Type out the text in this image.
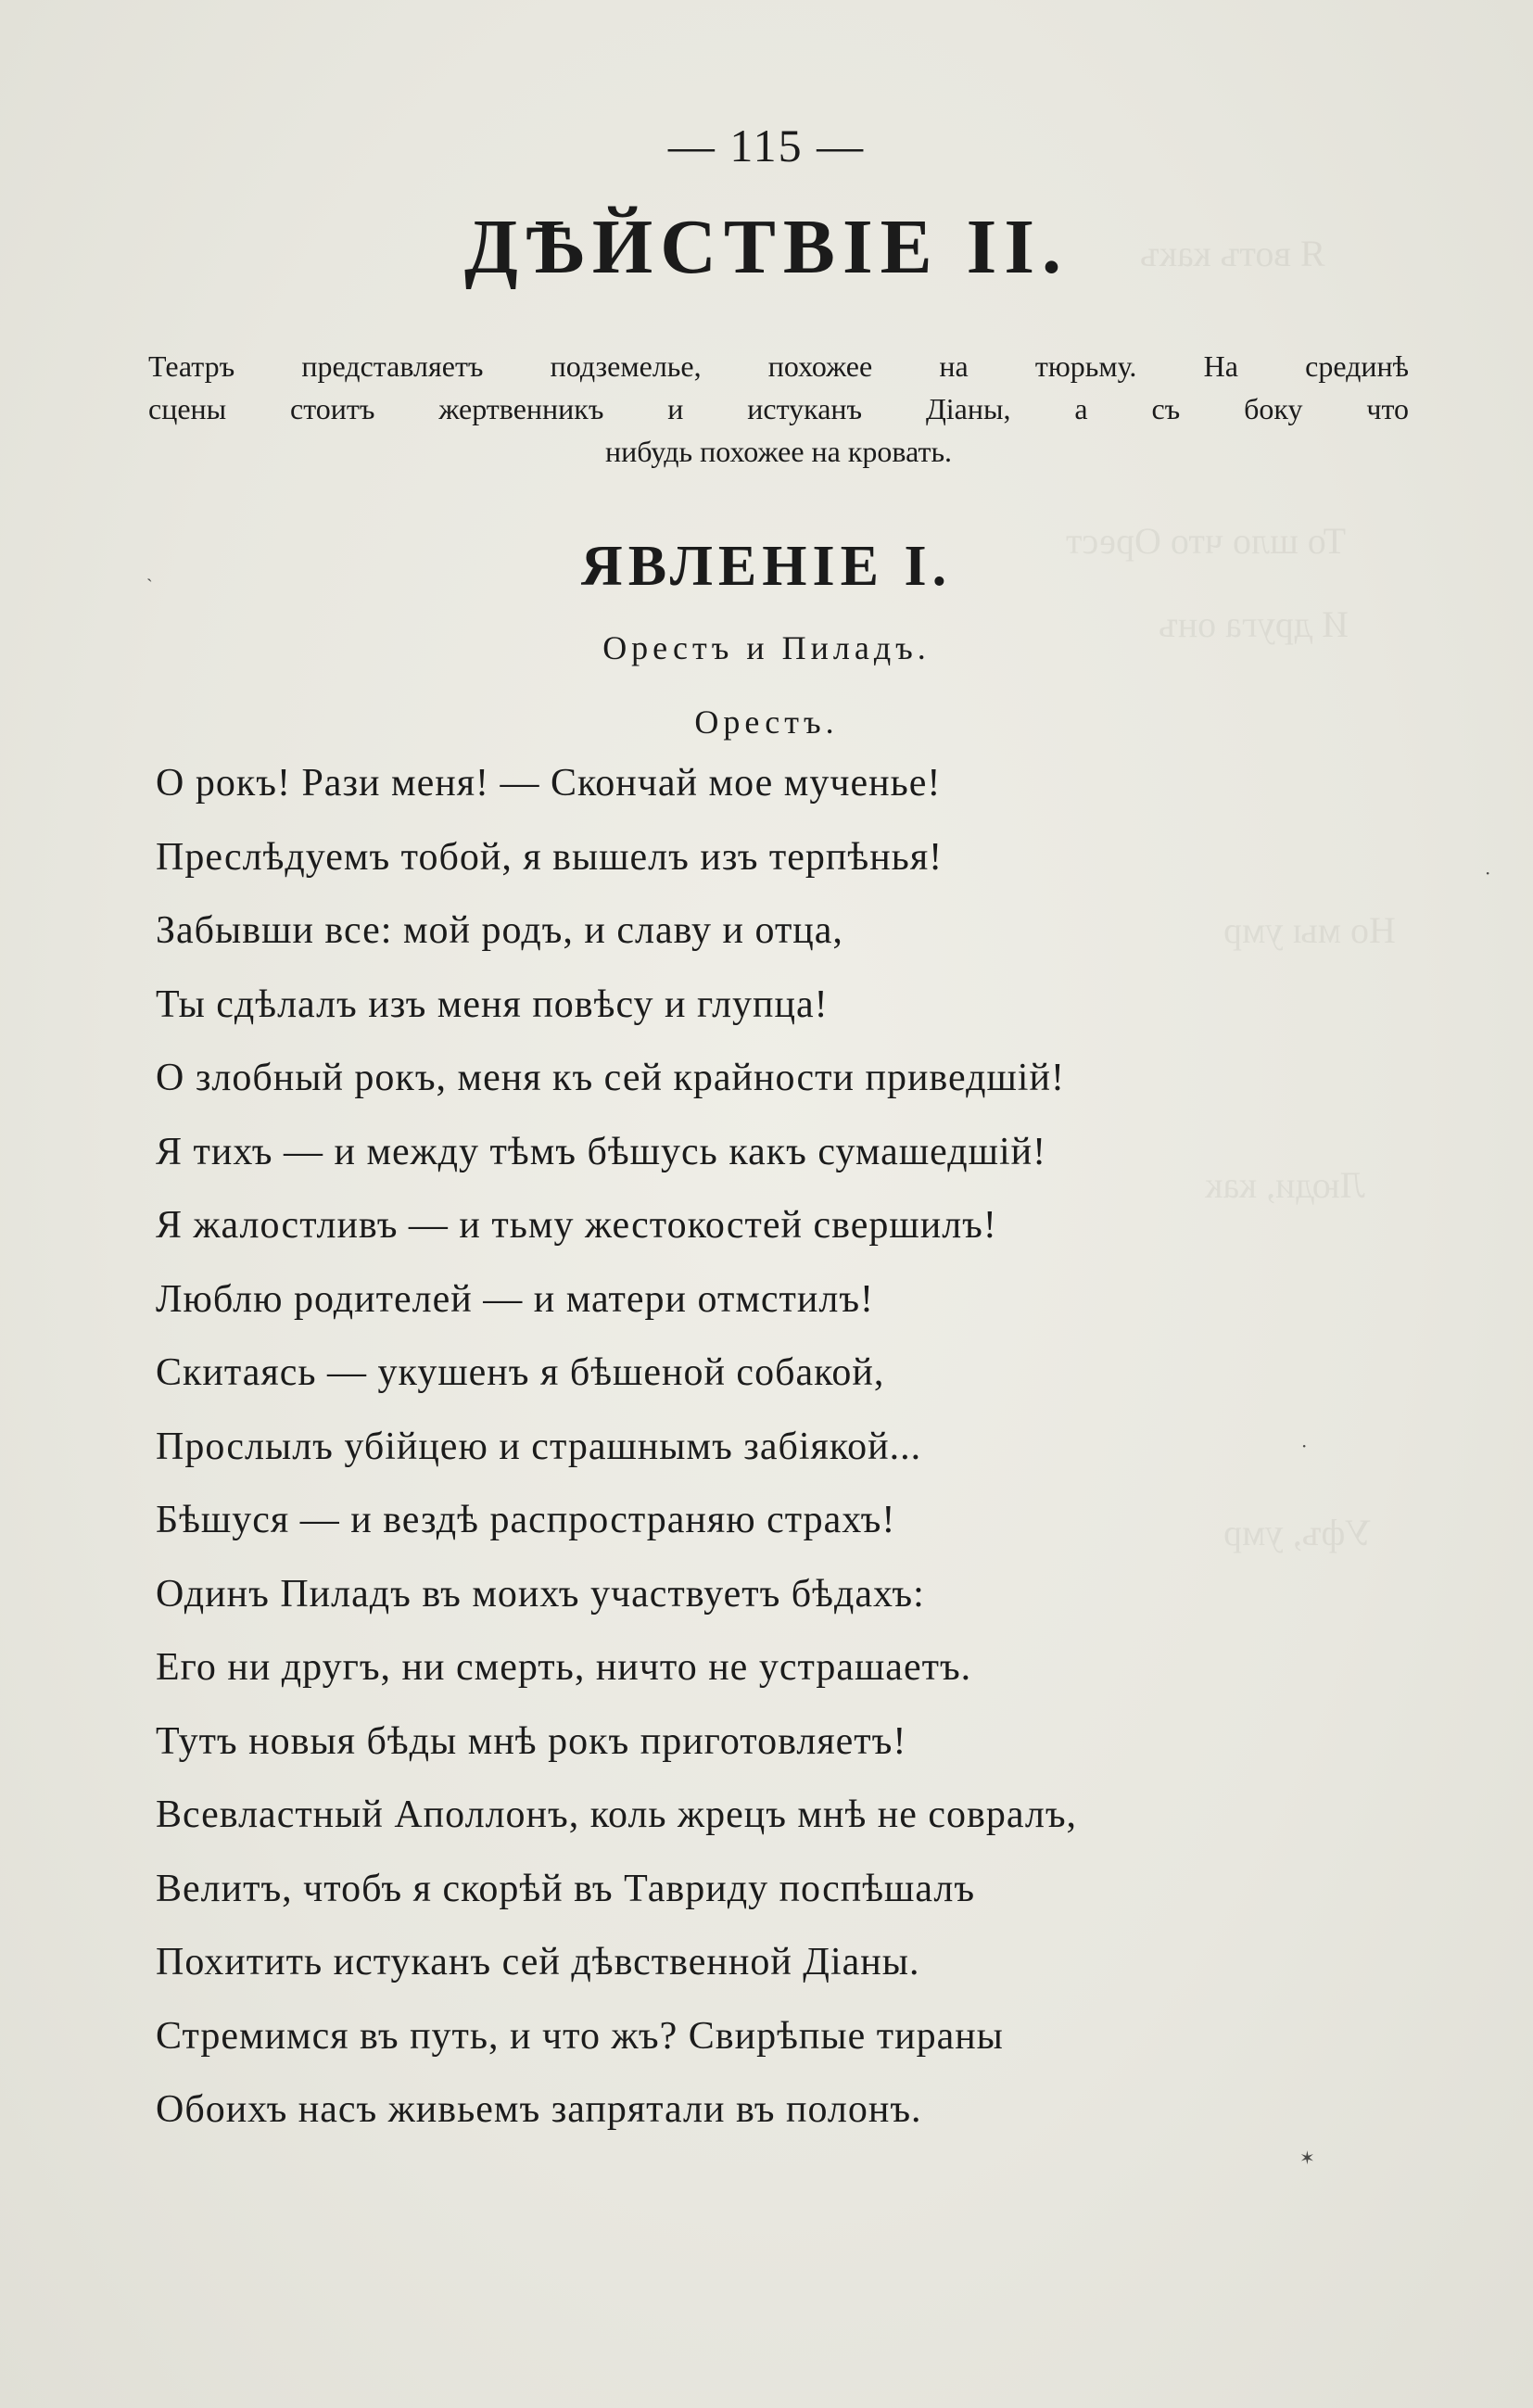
Я вотъ какъ
То шло что Орест
И друга онъ
Но мы умр
Люди, как
Уфъ, умр
— 115 —
ДѢЙСТВІЕ II.
Театръ представляетъ подземелье, похожее на тюрьму. На срединѣ
сцены стоитъ жертвенникъ и истуканъ Діаны, а съ боку что
нибудь похожее на кровать.
ЯВЛЕНІЕ I.
Орестъ и Пиладъ.
Орестъ.
О рокъ! Рази меня! — Скончай мое мученье!
Преслѣдуемъ тобой, я вышелъ изъ терпѣнья!
Забывши все: мой родъ, и славу и отца,
Ты сдѣлалъ изъ меня повѣсу и глупца!
О злобный рокъ, меня къ сей крайности приведшій!
Я тихъ — и между тѣмъ бѣшусь какъ сумашедшій!
Я жалостливъ — и тьму жестокостей свершилъ!
Люблю родителей — и матери отмстилъ!
Скитаясь — укушенъ я бѣшеной собакой,
Прослылъ убійцею и страшнымъ забіякой...
Бѣшуся — и вездѣ распространяю страхъ!
Одинъ Пиладъ въ моихъ участвуетъ бѣдахъ:
Его ни другъ, ни смерть, ничто не устрашаетъ.
Тутъ новыя бѣды мнѣ рокъ приготовляетъ!
Всевластный Аполлонъ, коль жрецъ мнѣ не совралъ,
Велитъ, чтобъ я скорѣй въ Тавриду поспѣшалъ
Похитить истуканъ сей дѣвственной Діаны.
Стремимся въ путь, и что жъ? Свирѣпые тираны
Обоихъ насъ живьемъ запрятали въ полонъ.
ˎ
·
·
✶
